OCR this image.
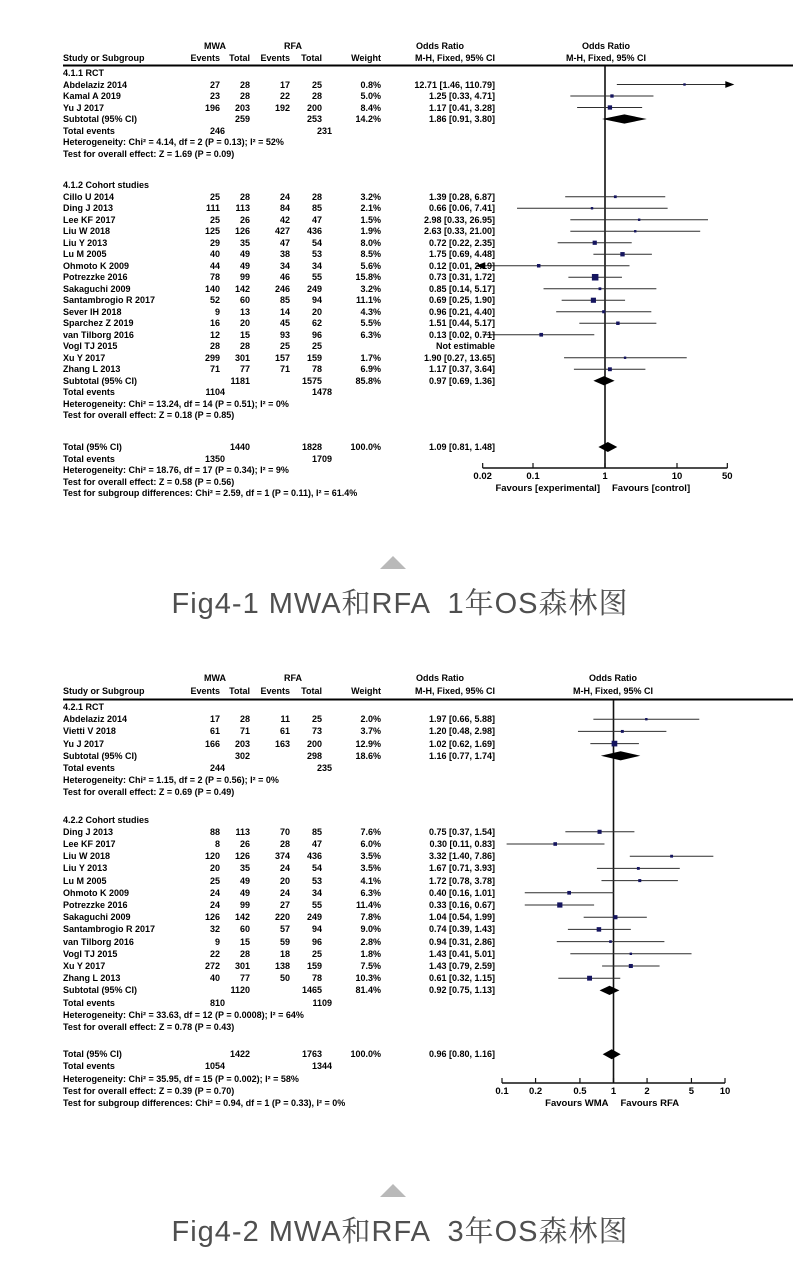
MWA	RFA	Odds Ratio	Odds Ratio
Study or Subgroup	Events Total Events Total	Weight	M-H, Fixed, 95% CI	M-H, Fixed, 95% CI
4.1.1 RCT
Abdelaziz 2014	27 28	17 25	0.8%	12.71 [1.46, 110.79]
Kamal A 2019	23 28	22 28	5.0%	1.25 [0.33, 4.71]
Yu J 2017	196 203	192 200	8.4%	1.17 [0.41, 3.28]
Subtotal (95% CI)	259	253	14.2%	1.86 [0.91, 3.80]
Total events	246	231
Heterogeneity: Chi² = 4.14, df = 2 (P = 0.13); I² = 52%
Test for overall effect: Z = 1.69 (P = 0.09)
4.1.2 Cohort studies
Cillo U 2014	25 28	24 28	3.2%	1.39 [0.28, 6.87]
Ding J 2013	111 113	84 85	2.1%	0.66 [0.06, 7.41]
Lee KF 2017	25 26	42 47	1.5%	2.98 [0.33, 26.95]
Liu W 2018	125 126	427 436	1.9%	2.63 [0.33, 21.00]
Liu Y 2013	29 35	47 54	8.0%	0.72 [0.22, 2.35]
Lu M 2005	40 49	38 53	8.5%	1.75 [0.69, 4.48]
Ohmoto K 2009	44 49	34 34	5.6%	0.12 [0.01, 2.19]
Potrezzke 2016	78 99	46 55	15.8%	0.73 [0.31, 1.72]
Sakaguchi 2009	140 142	246 249	3.2%	0.85 [0.14, 5.17]
Santambrogio R 2017	52 60	85 94	11.1%	0.69 [0.25, 1.90]
Sever IH 2018	9 13	14 20	4.3%	0.96 [0.21, 4.40]
Sparchez Z 2019	16 20	45 62	5.5%	1.51 [0.44, 5.17]
van Tilborg 2016	12 15	93 96	6.3%	0.13 [0.02, 0.71]
Vogl TJ 2015	28 28	25 25	Not estimable
Xu Y 2017	299 301	157 159	1.7%	1.90 [0.27, 13.65]
Zhang L 2013	71 77	71 78	6.9%	1.17 [0.37, 3.64]
Subtotal (95% CI)	1181	1575	85.8%	0.97 [0.69, 1.36]
Total events	1104	1478
Heterogeneity: Chi² = 13.24, df = 14 (P = 0.51); I² = 0%
Test for overall effect: Z = 0.18 (P = 0.85)
Total (95% CI)	1440	1828	100.0%	1.09 [0.81, 1.48]
Total events	1350	1709
Heterogeneity: Chi² = 18.76, df = 17 (P = 0.34); I² = 9%
Test for overall effect: Z = 0.58 (P = 0.56)
Test for subgroup differences: Chi² = 2.59, df = 1 (P = 0.11), I² = 61.4%
0.02	0.1	1	10	50
Favours [experimental] Favours [control]
MWA	RFA	Odds Ratio	Odds Ratio
Study or Subgroup	Events Total Events Total	Weight	M-H, Fixed, 95% CI	M-H, Fixed, 95% CI
4.2.1 RCT
Abdelaziz 2014	17 28	11 25	2.0%	1.97 [0.66, 5.88]
Vietti V 2018	61 71	61 73	3.7%	1.20 [0.48, 2.98]
Yu J 2017	166 203	163 200	12.9%	1.02 [0.62, 1.69]
Subtotal (95% CI)	302	298	18.6%	1.16 [0.77, 1.74]
Total events	244	235
Heterogeneity: Chi² = 1.15, df = 2 (P = 0.56); I² = 0%
Test for overall effect: Z = 0.69 (P = 0.49)
4.2.2 Cohort studies
Ding J 2013	88 113	70 85	7.6%	0.75 [0.37, 1.54]
Lee KF 2017	8 26	28 47	6.0%	0.30 [0.11, 0.83]
Liu W 2018	120 126	374 436	3.5%	3.32 [1.40, 7.86]
Liu Y 2013	20 35	24 54	3.5%	1.67 [0.71, 3.93]
Lu M 2005	25 49	20 53	4.1%	1.72 [0.78, 3.78]
Ohmoto K 2009	24 49	24 34	6.3%	0.40 [0.16, 1.01]
Potrezzke 2016	24 99	27 55	11.4%	0.33 [0.16, 0.67]
Sakaguchi 2009	126 142	220 249	7.8%	1.04 [0.54, 1.99]
Santambrogio R 2017	32 60	57 94	9.0%	0.74 [0.39, 1.43]
van Tilborg 2016	9 15	59 96	2.8%	0.94 [0.31, 2.86]
Vogl TJ 2015	22 28	18 25	1.8%	1.43 [0.41, 5.01]
Xu Y 2017	272 301	138 159	7.5%	1.43 [0.79, 2.59]
Zhang L 2013	40 77	50 78	10.3%	0.61 [0.32, 1.15]
Subtotal (95% CI)	1120	1465	81.4%	0.92 [0.75, 1.13]
Total events	810	1109
Heterogeneity: Chi² = 33.63, df = 12 (P = 0.0008); I² = 64%
Test for overall effect: Z = 0.78 (P = 0.43)
Total (95% CI)	1422	1763	100.0%	0.96 [0.80, 1.16]
Total events	1054	1344
Heterogeneity: Chi² = 35.95, df = 15 (P = 0.002); I² = 58%
Test for overall effect: Z = 0.39 (P = 0.70)
Test for subgroup differences: Chi² = 0.94, df = 1 (P = 0.33), I² = 0%
0.1 0.2	0.5	1	2	5	10
Favours WMA Favours RFA
Fig4-1 MWA和RFA  1年OS森林图
Fig4-2 MWA和RFA  3年OS森林图
